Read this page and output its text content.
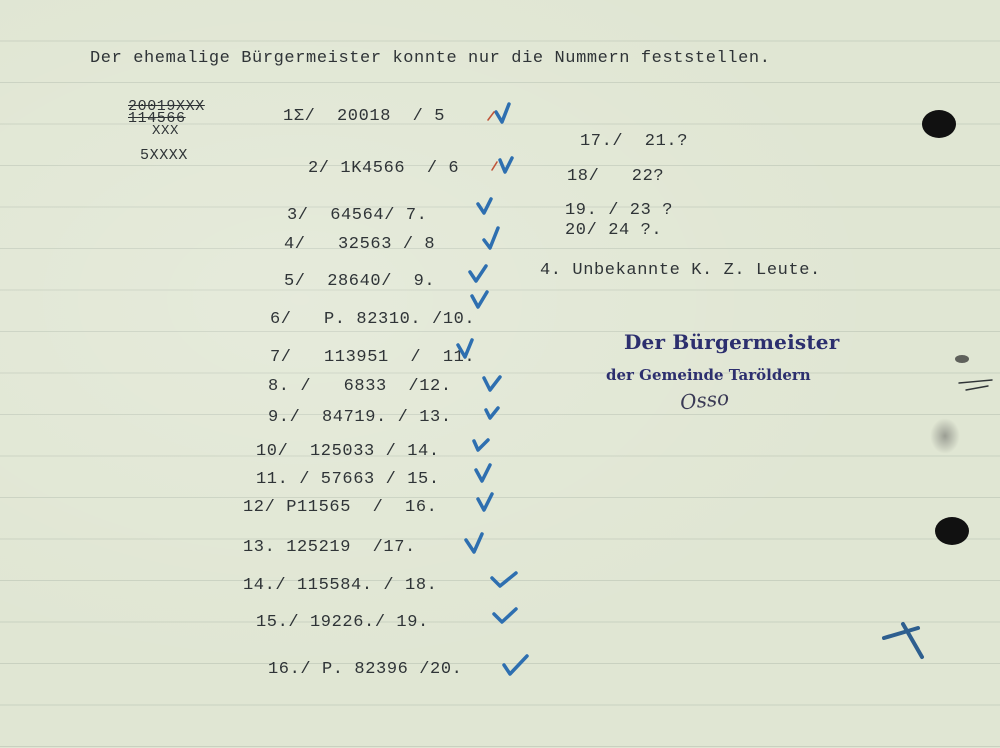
Der ehemalige Bürgermeister konnte nur die Nummern feststellen.
20019XXX
114566
XXX
5XXXX
1Σ/  20018  / 5
2/ 1K4566  / 6
3/  64564/ 7.
4/   32563 / 8
5/  28640/  9.
6/   P. 82310. /10.
7/   113951  /  11.
8. /   6833  /12.
9./  84719. / 13.
10/  125033 / 14.
11. / 57663 / 15.
12/ P11565  /  16.
13. 125219  /17.
14./ 115584. / 18.
15./ 19226./ 19.
16./ P. 82396 /20.
17./  21.?
18/   22?
19. / 23 ?
20/ 24 ?.
4. Unbekannte K. Z. Leute.
Der Bürgermeister
der Gemeinde Taröldern
Osso
